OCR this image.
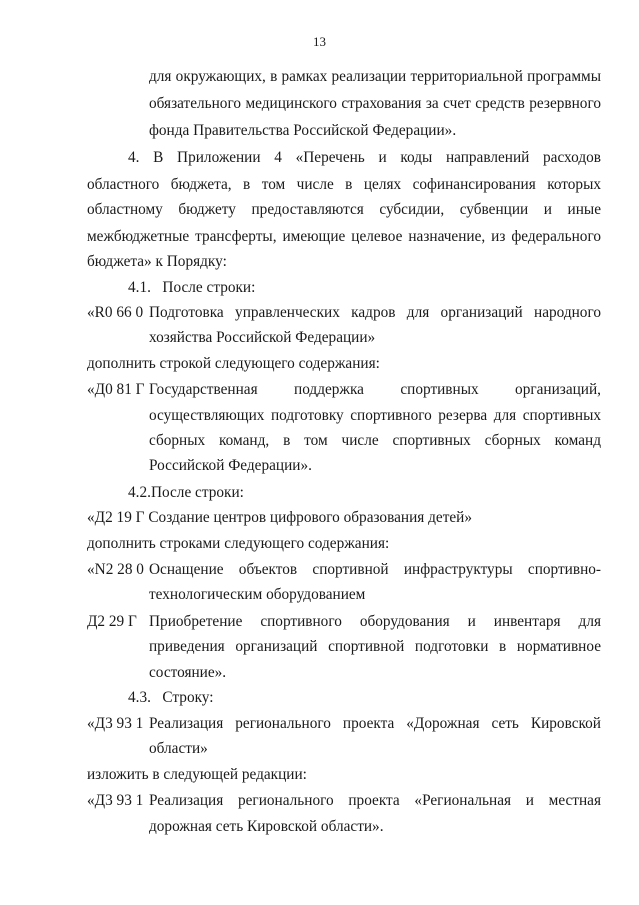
13
для окружающих, в рамках реализации территориальной программы
обязательного медицинского страхования за счет средств резервного
фонда Правительства Российской Федерации».
4. В Приложении 4 «Перечень и коды направлений расходов
областного бюджета, в том числе в целях софинансирования которых
областному бюджету предоставляются субсидии, субвенции и иные
межбюджетные трансферты, имеющие целевое назначение, из федерального
бюджета» к Порядку:
4.1.   После строки:
«R0 66 0 Подготовка управленческих кадров для организаций народного
хозяйства Российской Федерации»
дополнить строкой следующего содержания:
«Д0 81 Г Государственная поддержка спортивных организаций,
осуществляющих подготовку спортивного резерва для спортивных
сборных команд, в том числе спортивных сборных команд
Российской Федерации».
4.2.После строки:
«Д2 19 Г Создание центров цифрового образования детей»
дополнить строками следующего содержания:
«N2 28 0 Оснащение объектов спортивной инфраструктуры спортивно-
технологическим оборудованием
Д2 29 Г Приобретение спортивного оборудования и инвентаря для
приведения организаций спортивной подготовки в нормативное
состояние».
4.3.   Строку:
«Д3 93 1 Реализация регионального проекта «Дорожная сеть Кировской
области»
изложить в следующей редакции:
«Д3 93 1 Реализация регионального проекта «Региональная и местная
дорожная сеть Кировской области».
